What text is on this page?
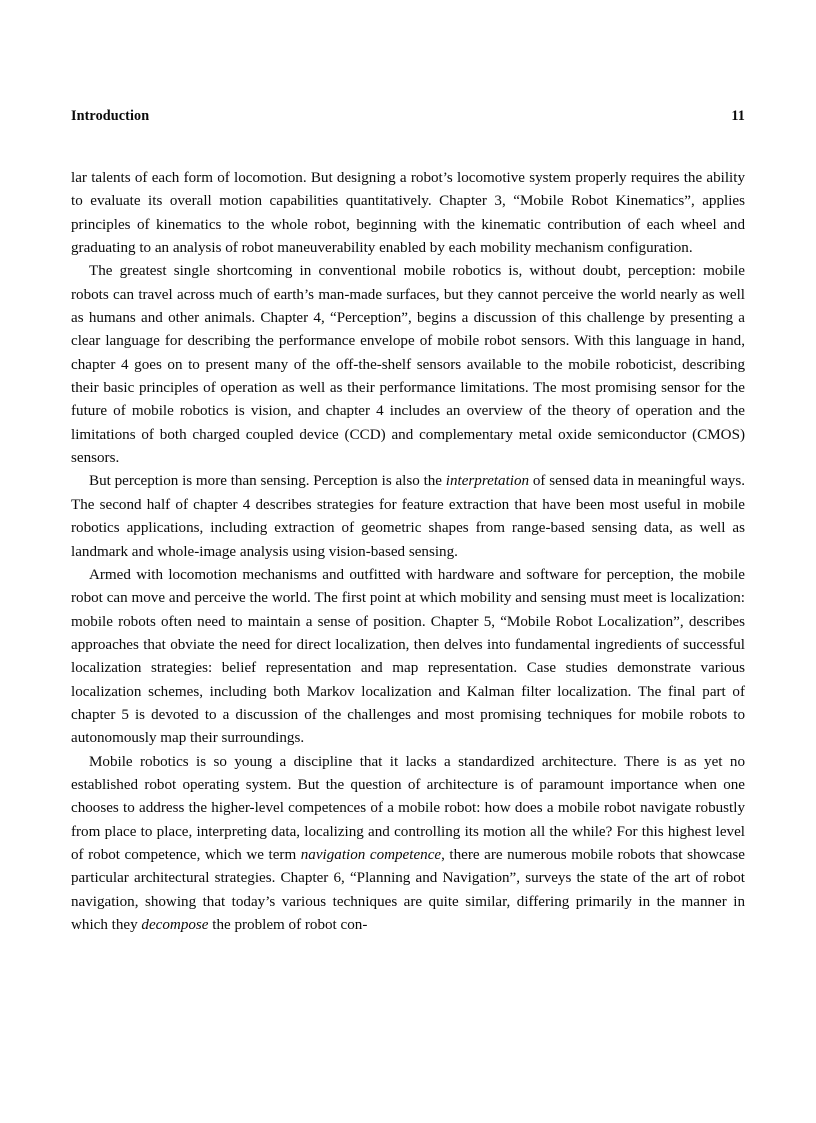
Introduction	11

lar talents of each form of locomotion. But designing a robot’s locomotive system properly requires the ability to evaluate its overall motion capabilities quantitatively. Chapter 3, “Mobile Robot Kinematics”, applies principles of kinematics to the whole robot, beginning with the kinematic contribution of each wheel and graduating to an analysis of robot maneuverability enabled by each mobility mechanism configuration.

The greatest single shortcoming in conventional mobile robotics is, without doubt, perception: mobile robots can travel across much of earth’s man-made surfaces, but they cannot perceive the world nearly as well as humans and other animals. Chapter 4, “Perception”, begins a discussion of this challenge by presenting a clear language for describing the performance envelope of mobile robot sensors. With this language in hand, chapter 4 goes on to present many of the off-the-shelf sensors available to the mobile roboticist, describing their basic principles of operation as well as their performance limitations. The most promising sensor for the future of mobile robotics is vision, and chapter 4 includes an overview of the theory of operation and the limitations of both charged coupled device (CCD) and complementary metal oxide semiconductor (CMOS) sensors.

But perception is more than sensing. Perception is also the interpretation of sensed data in meaningful ways. The second half of chapter 4 describes strategies for feature extraction that have been most useful in mobile robotics applications, including extraction of geometric shapes from range-based sensing data, as well as landmark and whole-image analysis using vision-based sensing.

Armed with locomotion mechanisms and outfitted with hardware and software for perception, the mobile robot can move and perceive the world. The first point at which mobility and sensing must meet is localization: mobile robots often need to maintain a sense of position. Chapter 5, “Mobile Robot Localization”, describes approaches that obviate the need for direct localization, then delves into fundamental ingredients of successful localization strategies: belief representation and map representation. Case studies demonstrate various localization schemes, including both Markov localization and Kalman filter localization. The final part of chapter 5 is devoted to a discussion of the challenges and most promising techniques for mobile robots to autonomously map their surroundings.

Mobile robotics is so young a discipline that it lacks a standardized architecture. There is as yet no established robot operating system. But the question of architecture is of paramount importance when one chooses to address the higher-level competences of a mobile robot: how does a mobile robot navigate robustly from place to place, interpreting data, localizing and controlling its motion all the while? For this highest level of robot competence, which we term navigation competence, there are numerous mobile robots that showcase particular architectural strategies. Chapter 6, “Planning and Navigation”, surveys the state of the art of robot navigation, showing that today’s various techniques are quite similar, differing primarily in the manner in which they decompose the problem of robot con-
